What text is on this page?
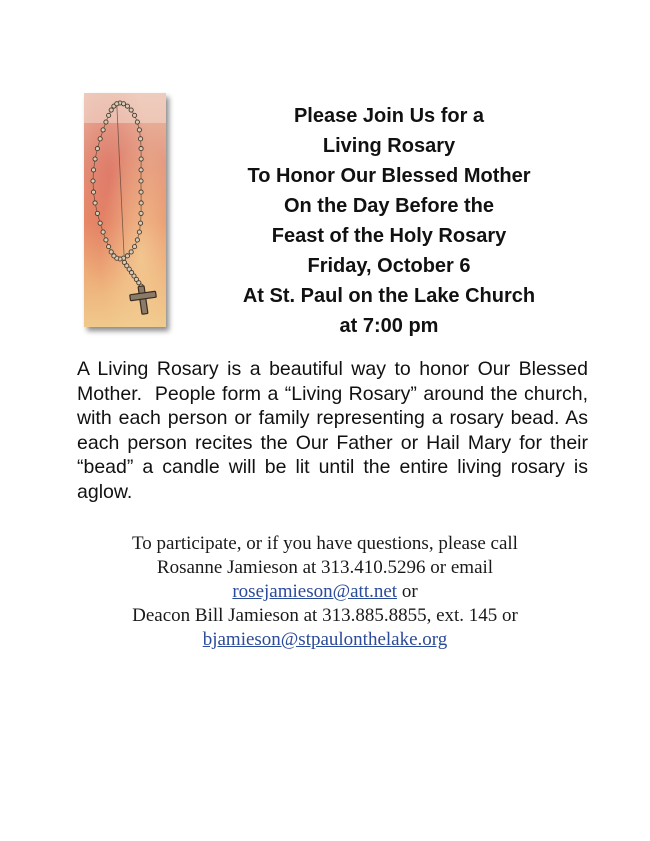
Please Join Us for a
Living Rosary
To Honor Our Blessed Mother
On the Day Before the
Feast of the Holy Rosary
Friday, October 6
At St. Paul on the Lake Church
at 7:00 pm
A Living Rosary is a beautiful way to honor Our Blessed Mother.  People form a “Living Rosary” around the church, with each person or family representing a rosary bead. As each person recites the Our Father or Hail Mary for their “bead” a candle will be lit until the entire living rosary is aglow.
To participate, or if you have questions, please call
Rosanne Jamieson at 313.410.5296 or email
rosejamieson@att.net or
Deacon Bill Jamieson at 313.885.8855, ext. 145 or
bjamieson@stpaulonthelake.org
